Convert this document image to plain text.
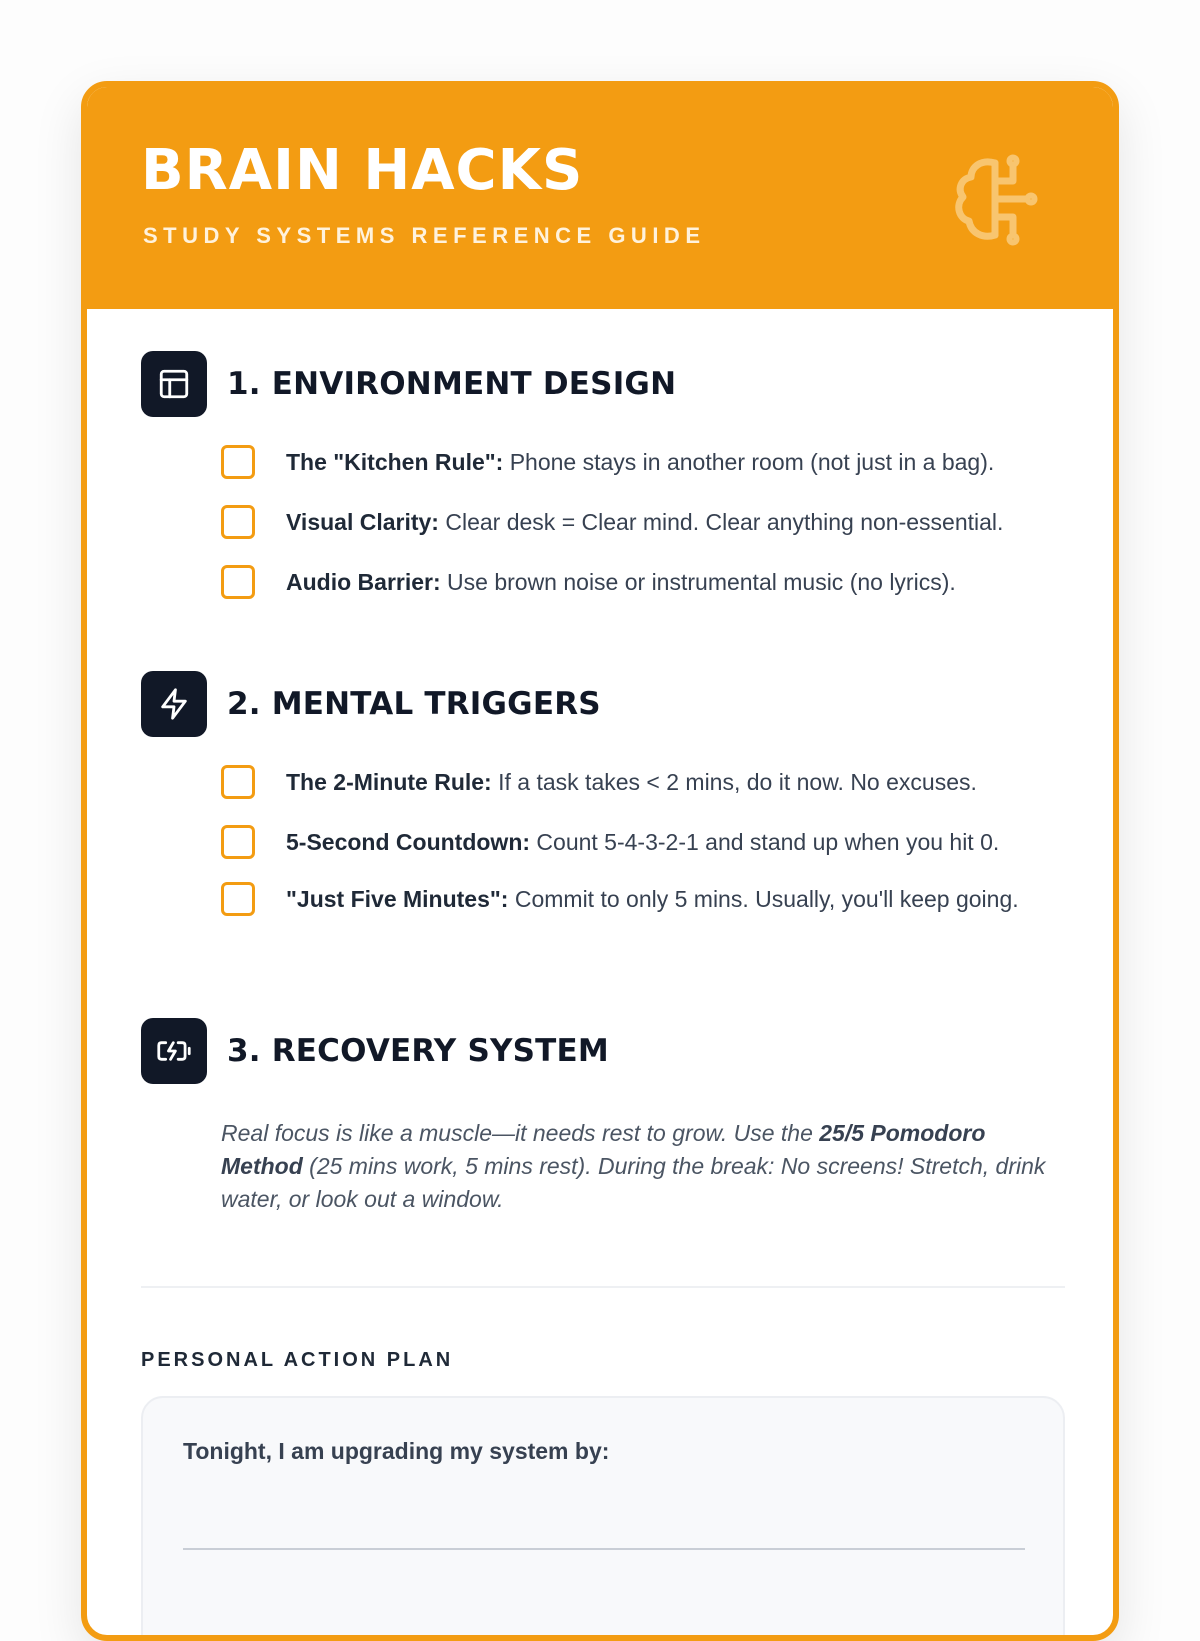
BRAIN HACKS
STUDY SYSTEMS REFERENCE GUIDE
1. ENVIRONMENT DESIGN
The "Kitchen Rule": Phone stays in another room (not just in a bag).
Visual Clarity: Clear desk = Clear mind. Clear anything non-essential.
Audio Barrier: Use brown noise or instrumental music (no lyrics).
2. MENTAL TRIGGERS
The 2-Minute Rule: If a task takes < 2 mins, do it now. No excuses.
5-Second Countdown: Count 5-4-3-2-1 and stand up when you hit 0.
"Just Five Minutes": Commit to only 5 mins. Usually, you'll keep going.
3. RECOVERY SYSTEM
Real focus is like a muscle—it needs rest to grow. Use the 25/5 Pomodoro Method (25 mins work, 5 mins rest). During the break: No screens! Stretch, drink water, or look out a window.
PERSONAL ACTION PLAN
Tonight, I am upgrading my system by:
